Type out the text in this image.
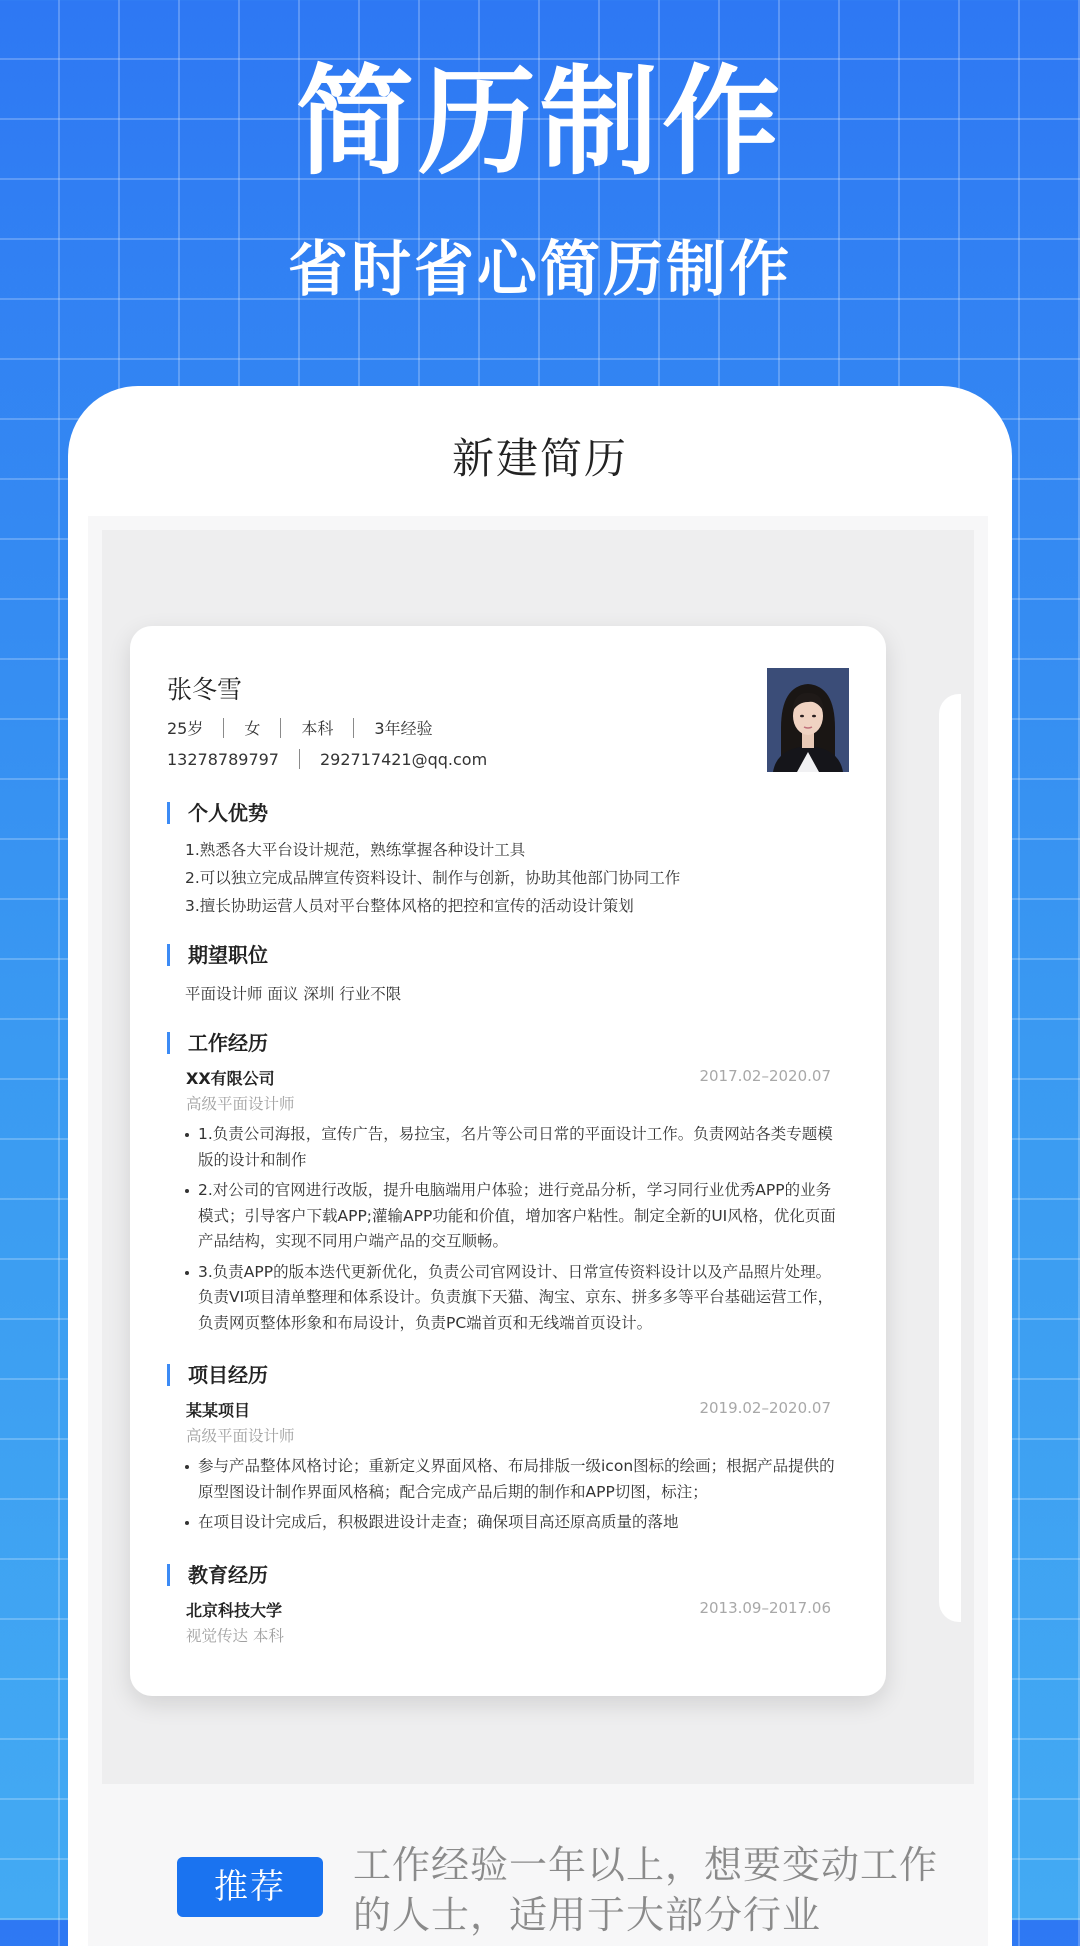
简历制作
省时省心简历制作
新建简历
张冬雪
25岁	女	本科	3年经验
13278789797	292717421@qq.com
个人优势
1.熟悉各大平台设计规范，熟练掌握各种设计工具
2.可以独立完成品牌宣传资料设计、制作与创新，协助其他部门协同工作
3.擅长协助运营人员对平台整体风格的把控和宣传的活动设计策划
期望职位
平面设计师 面议 深圳 行业不限
工作经历
XX有限公司	2017.02–2020.07
高级平面设计师
1.负责公司海报，宣传广告，易拉宝，名片等公司日常的平面设计工作。负责网站各类专题模版的设计和制作
2.对公司的官网进行改版，提升电脑端用户体验；进行竞品分析，学习同行业优秀APP的业务模式；引导客户下载APP;灌输APP功能和价值，增加客户粘性。制定全新的UI风格，优化页面产品结构，实现不同用户端产品的交互顺畅。
3.负责APP的版本迭代更新优化，负责公司官网设计、日常宣传资料设计以及产品照片处理。负责VI项目清单整理和体系设计。负责旗下天猫、淘宝、京东、拼多多等平台基础运营工作，负责网页整体形象和布局设计，负责PC端首页和无线端首页设计。
项目经历
某某项目	2019.02–2020.07
高级平面设计师
参与产品整体风格讨论；重新定义界面风格、布局排版一级icon图标的绘画；根据产品提供的原型图设计制作界面风格稿；配合完成产品后期的制作和APP切图，标注；
在项目设计完成后，积极跟进设计走查；确保项目高还原高质量的落地
教育经历
北京科技大学	2013.09–2017.06
视觉传达 本科
推荐	工作经验一年以上，想要变动工作的人士，适用于大部分行业
